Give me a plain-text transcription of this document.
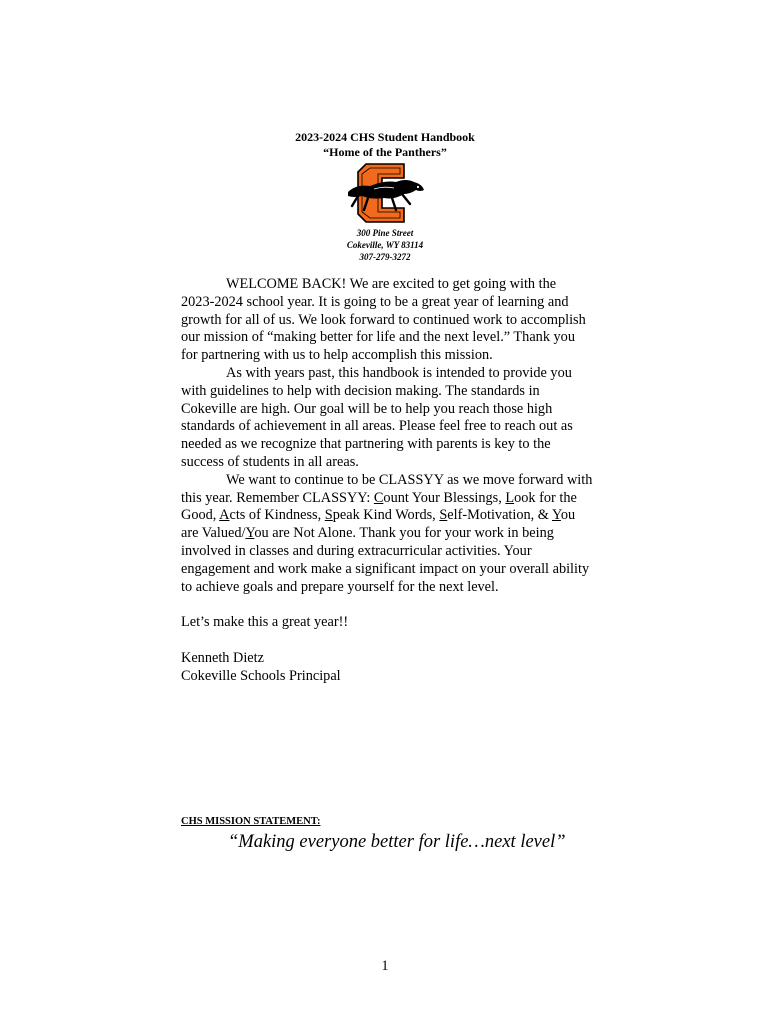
2023-2024 CHS Student Handbook
“Home of the Panthers”
300 Pine Street
Cokeville, WY 83114
307-279-3272

WELCOME BACK! We are excited to get going with the 2023-2024 school year. It is going to be a great year of learning and growth for all of us. We look forward to continued work to accomplish our mission of “making better for life and the next level.” Thank you for partnering with us to help accomplish this mission.

As with years past, this handbook is intended to provide you with guidelines to help with decision making. The standards in Cokeville are high. Our goal will be to help you reach those high standards of achievement in all areas. Please feel free to reach out as needed as we recognize that partnering with parents is key to the success of students in all areas.

We want to continue to be CLASSYY as we move forward with this year. Remember CLASSYY: Count Your Blessings, Look for the Good, Acts of Kindness, Speak Kind Words, Self-Motivation, & You are Valued/You are Not Alone. Thank you for your work in being involved in classes and during extracurricular activities. Your engagement and work make a significant impact on your overall ability to achieve goals and prepare yourself for the next level.

Let’s make this a great year!!

Kenneth Dietz

Cokeville Schools Principal

CHS MISSION STATEMENT:
“Making everyone better for life…next level”
1
